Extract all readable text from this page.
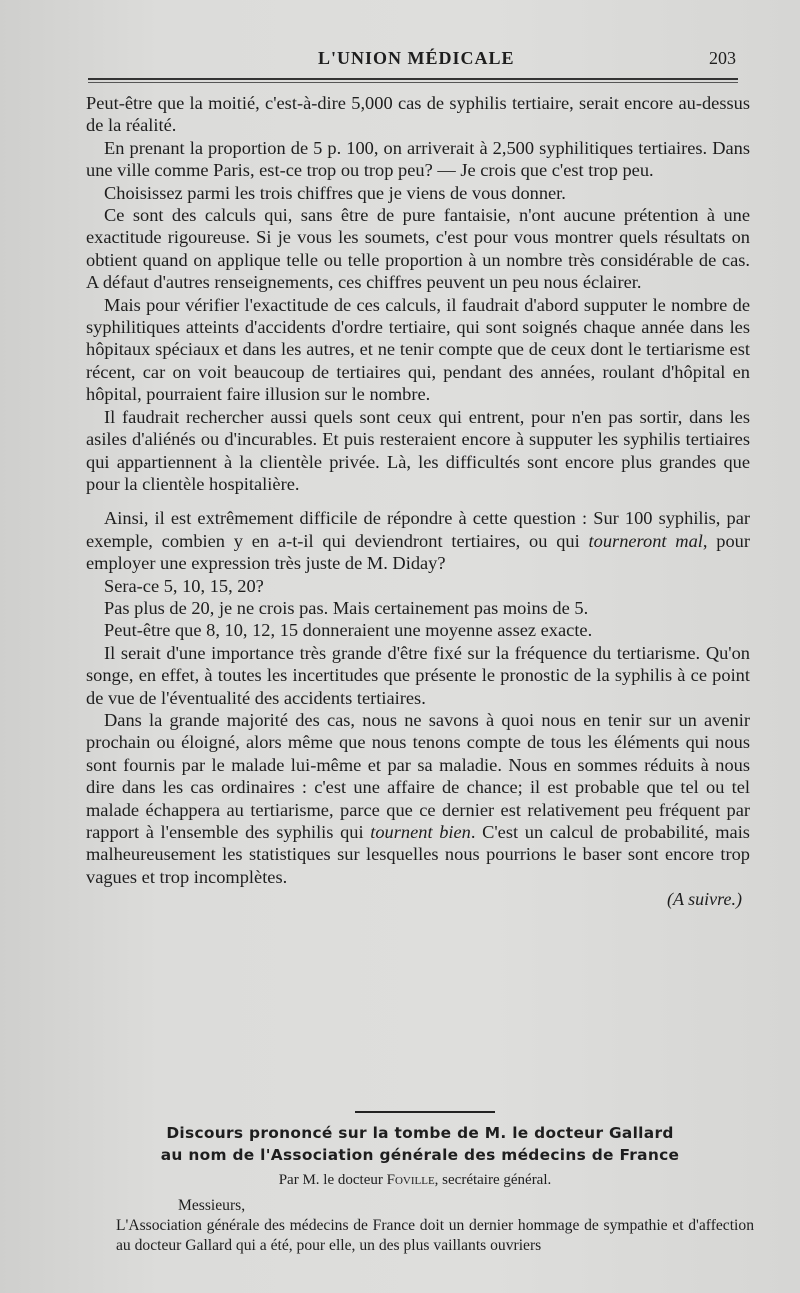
L'UNION MÉDICALE	203

Peut-être que la moitié, c'est-à-dire 5,000 cas de syphilis tertiaire, serait encore au-dessus de la réalité.

En prenant la proportion de 5 p. 100, on arriverait à 2,500 syphilitiques tertiaires. Dans une ville comme Paris, est-ce trop ou trop peu? — Je crois que c'est trop peu.

Choisissez parmi les trois chiffres que je viens de vous donner.

Ce sont des calculs qui, sans être de pure fantaisie, n'ont aucune prétention à une exactitude rigoureuse. Si je vous les soumets, c'est pour vous montrer quels résultats on obtient quand on applique telle ou telle proportion à un nombre très considérable de cas. A défaut d'autres renseignements, ces chiffres peuvent un peu nous éclairer.

Mais pour vérifier l'exactitude de ces calculs, il faudrait d'abord supputer le nombre de syphilitiques atteints d'accidents d'ordre tertiaire, qui sont soignés chaque année dans les hôpitaux spéciaux et dans les autres, et ne tenir compte que de ceux dont le tertiarisme est récent, car on voit beaucoup de tertiaires qui, pendant des années, roulant d'hôpital en hôpital, pourraient faire illusion sur le nombre.

Il faudrait rechercher aussi quels sont ceux qui entrent, pour n'en pas sortir, dans les asiles d'aliénés ou d'incurables. Et puis resteraient encore à supputer les syphilis tertiaires qui appartiennent à la clientèle privée. Là, les difficultés sont encore plus grandes que pour la clientèle hospitalière.

Ainsi, il est extrêmement difficile de répondre à cette question : Sur 100 syphilis, par exemple, combien y en a-t-il qui deviendront tertiaires, ou qui tourneront mal, pour employer une expression très juste de M. Diday?

Sera-ce 5, 10, 15, 20?

Pas plus de 20, je ne crois pas. Mais certainement pas moins de 5.

Peut-être que 8, 10, 12, 15 donneraient une moyenne assez exacte.

Il serait d'une importance très grande d'être fixé sur la fréquence du tertiarisme. Qu'on songe, en effet, à toutes les incertitudes que présente le pronostic de la syphilis à ce point de vue de l'éventualité des accidents tertiaires.

Dans la grande majorité des cas, nous ne savons à quoi nous en tenir sur un avenir prochain ou éloigné, alors même que nous tenons compte de tous les éléments qui nous sont fournis par le malade lui-même et par sa maladie. Nous en sommes réduits à nous dire dans les cas ordinaires : c'est une affaire de chance; il est probable que tel ou tel malade échappera au tertiarisme, parce que ce dernier est relativement peu fréquent par rapport à l'ensemble des syphilis qui tournent bien. C'est un calcul de probabilité, mais malheureusement les statistiques sur lesquelles nous pourrions le baser sont encore trop vagues et trop incomplètes.

(A suivre.)
Discours prononcé sur la tombe de M. le docteur Gallard
au nom de l'Association générale des médecins de France
Par M. le docteur Foville, secrétaire général.

Messieurs,

L'Association générale des médecins de France doit un dernier hommage de sympathie et d'affection au docteur Gallard qui a été, pour elle, un des plus vaillants ouvriers
